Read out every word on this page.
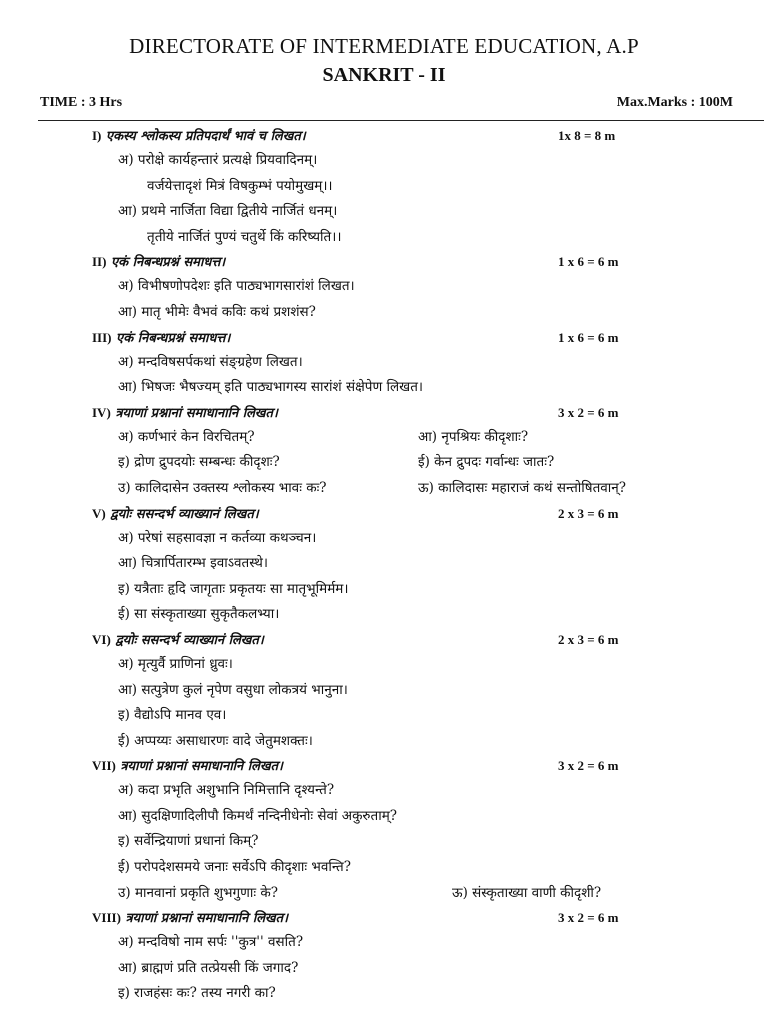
DIRECTORATE OF INTERMEDIATE EDUCATION, A.P
SANKRIT - II
TIME : 3 Hrs	Max.Marks : 100M
I) एकस्य श्लोकस्य प्रतिपदार्थं भावं च लिखत।	1x 8 = 8 m
अ) परोक्षे कार्यहन्तारं प्रत्यक्षे प्रियवादिनम्।
वर्जयेत्तादृशं मित्रं विषकुम्भं पयोमुखम्।।
आ) प्रथमे नार्जिता विद्या द्वितीये नार्जितं धनम्।
तृतीये नार्जितं पुण्यं चतुर्थे किं करिष्यति।।
II) एकं निबन्धप्रश्नं समाधत्त।	1 x 6 = 6 m
अ) विभीषणोपदेशः इति पाठ्यभागसारांशं लिखत।
आ) मातृ भीमेः वैभवं कविः कथं प्रशशंस?
III) एकं निबन्धप्रश्नं समाधत्त।	1 x 6 = 6 m
अ) मन्दविषसर्पकथां संङ्ग्रहेण लिखत।
आ) भिषजः भैषज्यम् इति पाठ्यभागस्य सारांशं संक्षेपेण लिखत।
IV) त्रयाणां प्रश्नानां समाधानानि लिखत।	3 x 2 = 6 m
अ) कर्णभारं केन विरचितम्?	आ) नृपश्रियः कीदृशाः?
इ) द्रोण द्रुपदयोः सम्बन्धः कीदृशः?	ई) केन द्रुपदः गर्वान्धः जातः?
उ) कालिदासेन उक्तस्य श्लोकस्य भावः कः?	ऊ) कालिदासः महाराजं कथं सन्तोषितवान्?
V) द्वयोः ससन्दर्भ व्याख्यानं लिखत।	2 x 3 = 6 m
अ) परेषां सहसावज्ञा न कर्तव्या कथञ्चन।
आ) चित्रार्पितारम्भ इवाऽवतस्थे।
इ) यत्रैताः हृदि जागृताः प्रकृतयः सा मातृभूमिर्मम।
ई) सा संस्कृताख्या सुकृतैकलभ्या।
VI) द्वयोः ससन्दर्भ व्याख्यानं लिखत।	2 x 3 = 6 m
अ) मृत्युर्वै प्राणिनां ध्रुवः।
आ) सत्पुत्रेण कुलं नृपेण वसुधा लोकत्रयं भानुना।
इ) वैद्योऽपि मानव एव।
ई) अप्पय्यः असाधारणः वादे जेतुमशक्तः।
VII) त्रयाणां प्रश्नानां समाधानानि लिखत।	3 x 2 = 6 m
अ) कदा प्रभृति अशुभानि निमित्तानि दृश्यन्ते?
आ) सुदक्षिणादिलीपौ किमर्थं नन्दिनीधेनोः सेवां अकुरुताम्?
इ) सर्वेन्द्रियाणां प्रधानां किम्?
ई) परोपदेशसमये जनाः सर्वेऽपि कीदृशाः भवन्ति?
उ) मानवानां प्रकृति शुभगुणाः के?	ऊ) संस्कृताख्या वाणी कीदृशी?
VIII) त्रयाणां प्रश्नानां समाधानानि लिखत।	3 x 2 = 6 m
अ) मन्दविषो नाम सर्पः ''कुत्र'' वसति?
आ) ब्राह्मणं प्रति तत्प्रेयसी किं जगाद?
इ) राजहंसः कः? तस्य नगरी का?
